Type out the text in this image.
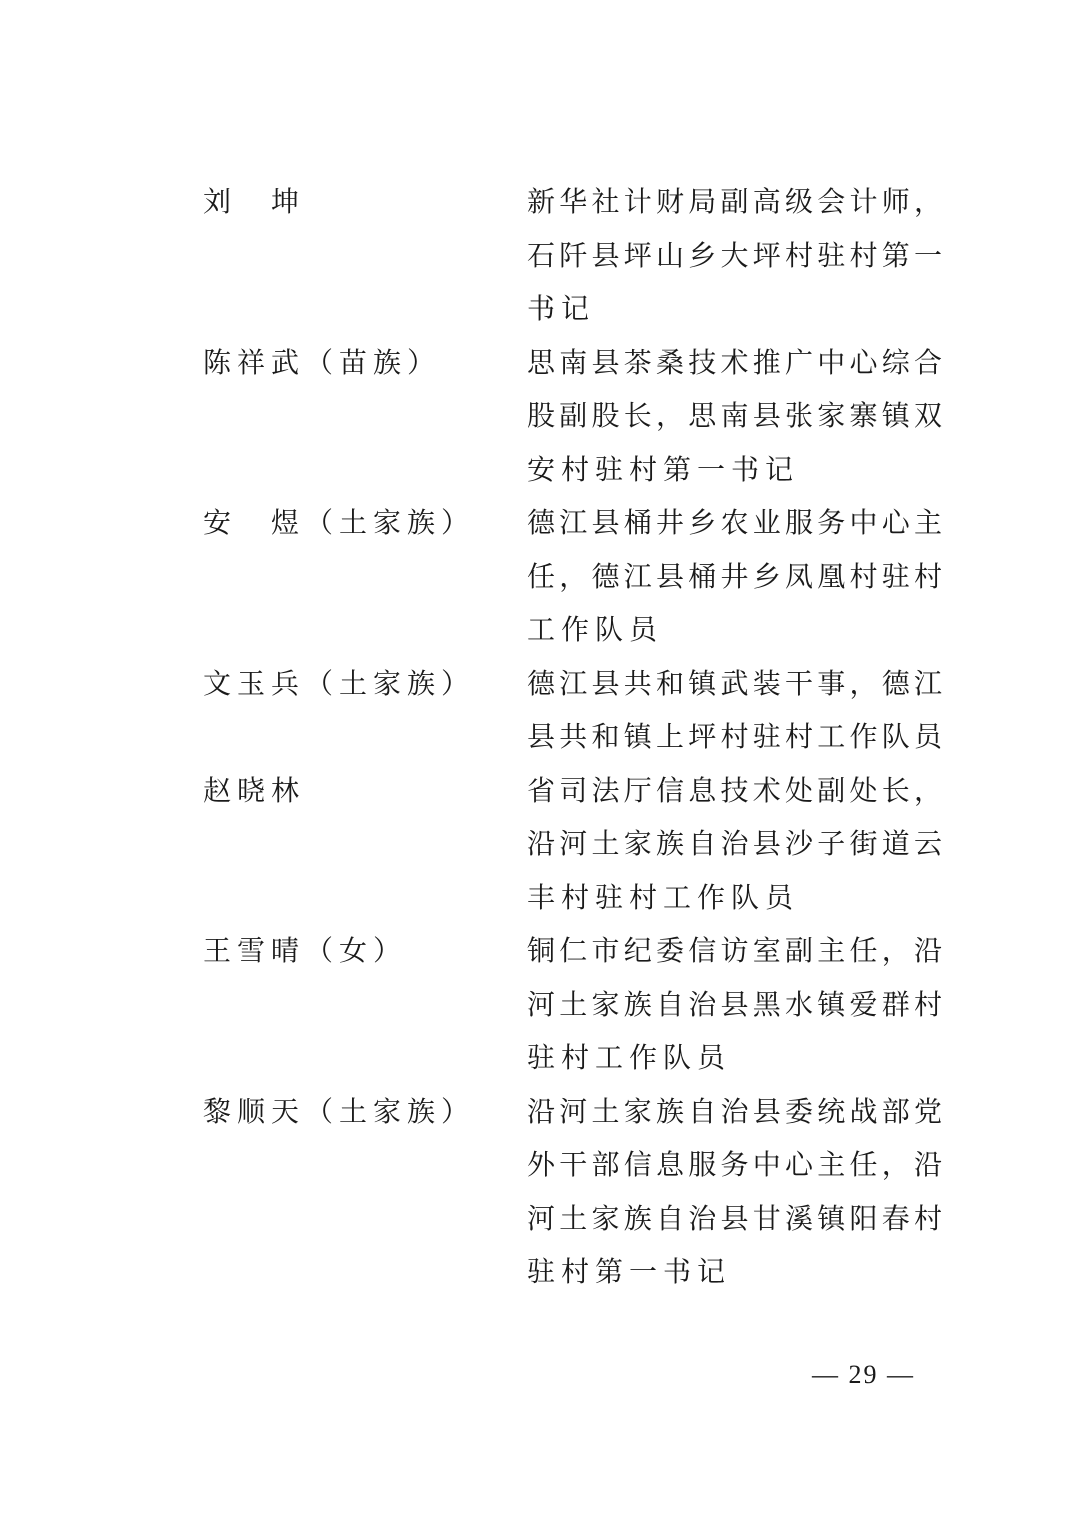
刘　坤	新华社计财局副高级会计师，
石阡县坪山乡大坪村驻村第一
书记
陈祥武（苗族）	思南县茶桑技术推广中心综合
股副股长，思南县张家寨镇双
安村驻村第一书记
安　煜（土家族） 德江县桶井乡农业服务中心主
任，德江县桶井乡凤凰村驻村
工作队员
文玉兵（土家族） 德江县共和镇武装干事，德江
县共和镇上坪村驻村工作队员
赵晓林	省司法厅信息技术处副处长，
沿河土家族自治县沙子街道云
丰村驻村工作队员
王雪晴（女）	铜仁市纪委信访室副主任，沿
河土家族自治县黑水镇爱群村
驻村工作队员
黎顺天（土家族） 沿河土家族自治县委统战部党
外干部信息服务中心主任，沿
河土家族自治县甘溪镇阳春村
驻村第一书记
— 29 —
